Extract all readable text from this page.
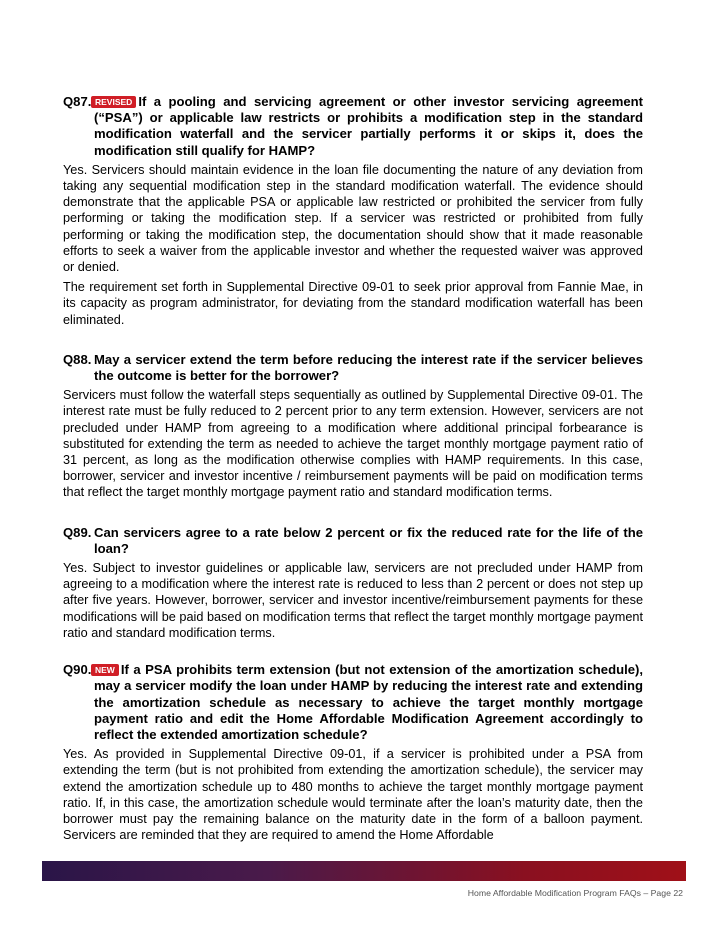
Q87. REVISED If a pooling and servicing agreement or other investor servicing agreement (“PSA”) or applicable law restricts or prohibits a modification step in the standard modification waterfall and the servicer partially performs it or skips it, does the modification still qualify for HAMP?

Yes. Servicers should maintain evidence in the loan file documenting the nature of any deviation from taking any sequential modification step in the standard modification waterfall. The evidence should demonstrate that the applicable PSA or applicable law restricted or prohibited the servicer from fully performing or taking the modification step. If a servicer was restricted or prohibited from fully performing or taking the modification step, the documentation should show that it made reasonable efforts to seek a waiver from the applicable investor and whether the requested waiver was approved or denied.

The requirement set forth in Supplemental Directive 09-01 to seek prior approval from Fannie Mae, in its capacity as program administrator, for deviating from the standard modification waterfall has been eliminated.

Q88. May a servicer extend the term before reducing the interest rate if the servicer believes the outcome is better for the borrower?

Servicers must follow the waterfall steps sequentially as outlined by Supplemental Directive 09-01. The interest rate must be fully reduced to 2 percent prior to any term extension. However, servicers are not precluded under HAMP from agreeing to a modification where additional principal forbearance is substituted for extending the term as needed to achieve the target monthly mortgage payment ratio of 31 percent, as long as the modification otherwise complies with HAMP requirements. In this case, borrower, servicer and investor incentive / reimbursement payments will be paid on modification terms that reflect the target monthly mortgage payment ratio and standard modification terms.

Q89. Can servicers agree to a rate below 2 percent or fix the reduced rate for the life of the loan?

Yes. Subject to investor guidelines or applicable law, servicers are not precluded under HAMP from agreeing to a modification where the interest rate is reduced to less than 2 percent or does not step up after five years. However, borrower, servicer and investor incentive/reimbursement payments for these modifications will be paid based on modification terms that reflect the target monthly mortgage payment ratio and standard modification terms.

Q90. NEW If a PSA prohibits term extension (but not extension of the amortization schedule), may a servicer modify the loan under HAMP by reducing the interest rate and extending the amortization schedule as necessary to achieve the target monthly mortgage payment ratio and edit the Home Affordable Modification Agreement accordingly to reflect the extended amortization schedule?

Yes. As provided in Supplemental Directive 09-01, if a servicer is prohibited under a PSA from extending the term (but is not prohibited from extending the amortization schedule), the servicer may extend the amortization schedule up to 480 months to achieve the target monthly mortgage payment ratio. If, in this case, the amortization schedule would terminate after the loan’s maturity date, then the borrower must pay the remaining balance on the maturity date in the form of a balloon payment. Servicers are reminded that they are required to amend the Home Affordable

Home Affordable Modification Program FAQs – Page 22
